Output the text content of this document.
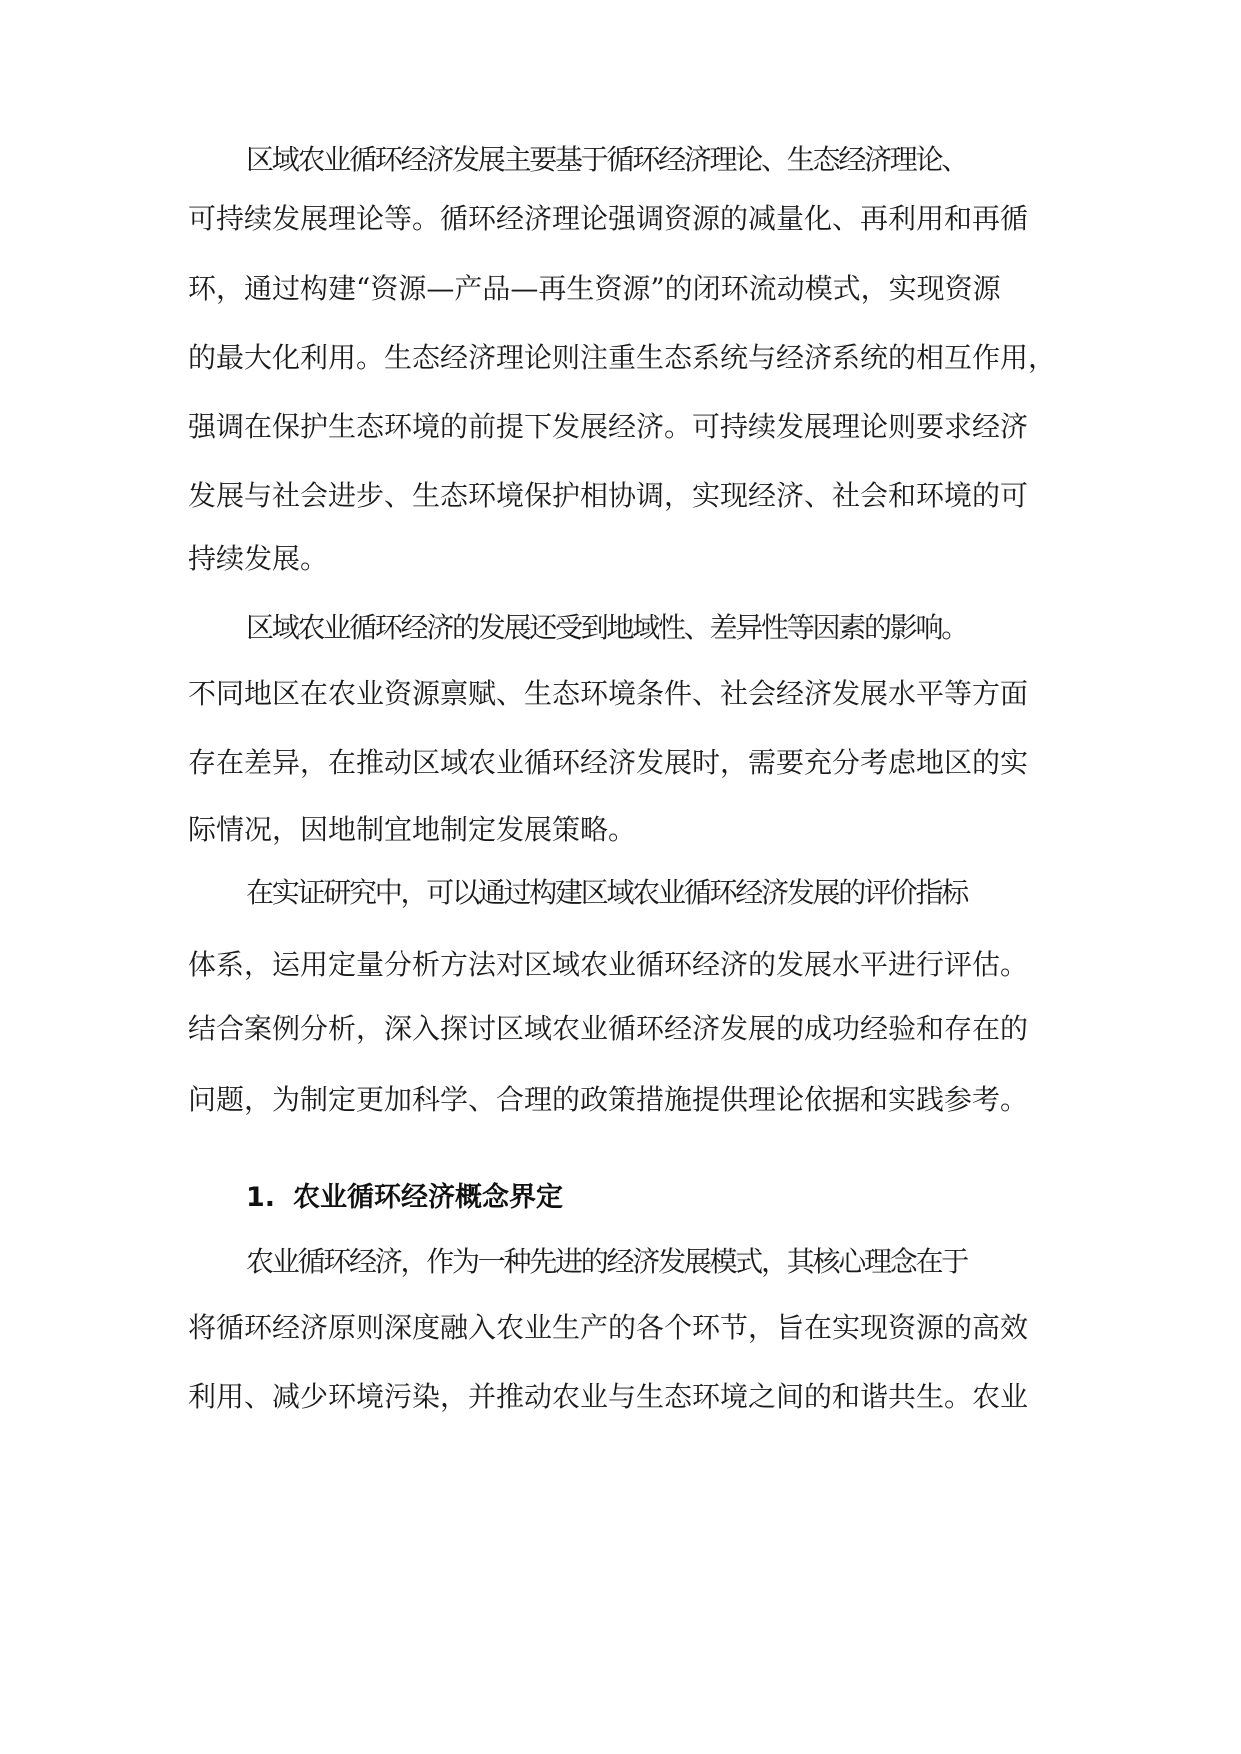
区域农业循环经济发展主要基于循环经济理论、生态经济理论、
可持续发展理论等。循环经济理论强调资源的减量化、再利用和再循
环，通过构建“资源—产品—再生资源”的闭环流动模式，实现资源
的最大化利用。生态经济理论则注重生态系统与经济系统的相互作用，
强调在保护生态环境的前提下发展经济。可持续发展理论则要求经济
发展与社会进步、生态环境保护相协调，实现经济、社会和环境的可
持续发展。
区域农业循环经济的发展还受到地域性、差异性等因素的影响。
不同地区在农业资源禀赋、生态环境条件、社会经济发展水平等方面
存在差异，在推动区域农业循环经济发展时，需要充分考虑地区的实
际情况，因地制宜地制定发展策略。
在实证研究中，可以通过构建区域农业循环经济发展的评价指标
体系，运用定量分析方法对区域农业循环经济的发展水平进行评估。
结合案例分析，深入探讨区域农业循环经济发展的成功经验和存在的
问题，为制定更加科学、合理的政策措施提供理论依据和实践参考。
1. 农业循环经济概念界定
农业循环经济，作为一种先进的经济发展模式，其核心理念在于
将循环经济原则深度融入农业生产的各个环节，旨在实现资源的高效
利用、减少环境污染，并推动农业与生态环境之间的和谐共生。农业
